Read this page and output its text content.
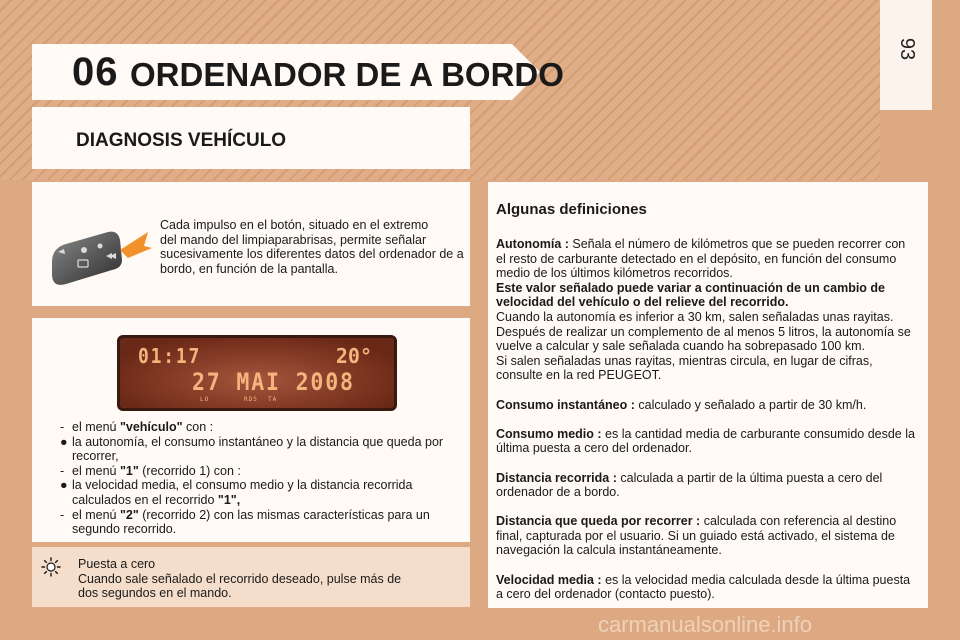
93
06 ORDENADOR DE A BORDO
DIAGNOSIS VEHÍCULO
Cada impulso en el botón, situado en el extremo
del mando del limpiaparabrisas, permite señalar
sucesivamente los diferentes datos del ordenador de a
bordo, en función de la pantalla.
01:17	20°
27 MAI 2008
LO	RDS TA
- el menú "vehículo" con :
● la autonomía, el consumo instantáneo y la distancia que queda por
recorrer,
- el menú "1" (recorrido 1) con :
● la velocidad media, el consumo medio y la distancia recorrida
calculados en el recorrido "1",
- el menú "2" (recorrido 2) con las mismas características para un
segundo recorrido.
Puesta a cero
Cuando sale señalado el recorrido deseado, pulse más de
dos segundos en el mando.
Algunas definiciones

Autonomía : Señala el número de kilómetros que se pueden recorrer con
el resto de carburante detectado en el depósito, en función del consumo
medio de los últimos kilómetros recorridos.
Este valor señalado puede variar a continuación de un cambio de
velocidad del vehículo o del relieve del recorrido.
Cuando la autonomía es inferior a 30 km, salen señaladas unas rayitas.
Después de realizar un complemento de al menos 5 litros, la autonomía se
vuelve a calcular y sale señalada cuando ha sobrepasado 100 km.
Si salen señaladas unas rayitas, mientras circula, en lugar de cifras,
consulte en la red PEUGEOT.

Consumo instantáneo : calculado y señalado a partir de 30 km/h.

Consumo medio : es la cantidad media de carburante consumido desde la
última puesta a cero del ordenador.

Distancia recorrida : calculada a partir de la última puesta a cero del
ordenador de a bordo.

Distancia que queda por recorrer : calculada con referencia al destino
final, capturada por el usuario. Si un guiado está activado, el sistema de
navegación la calcula instantáneamente.

Velocidad media : es la velocidad media calculada desde la última puesta
a cero del ordenador (contacto puesto).

carmanualsonline.info
